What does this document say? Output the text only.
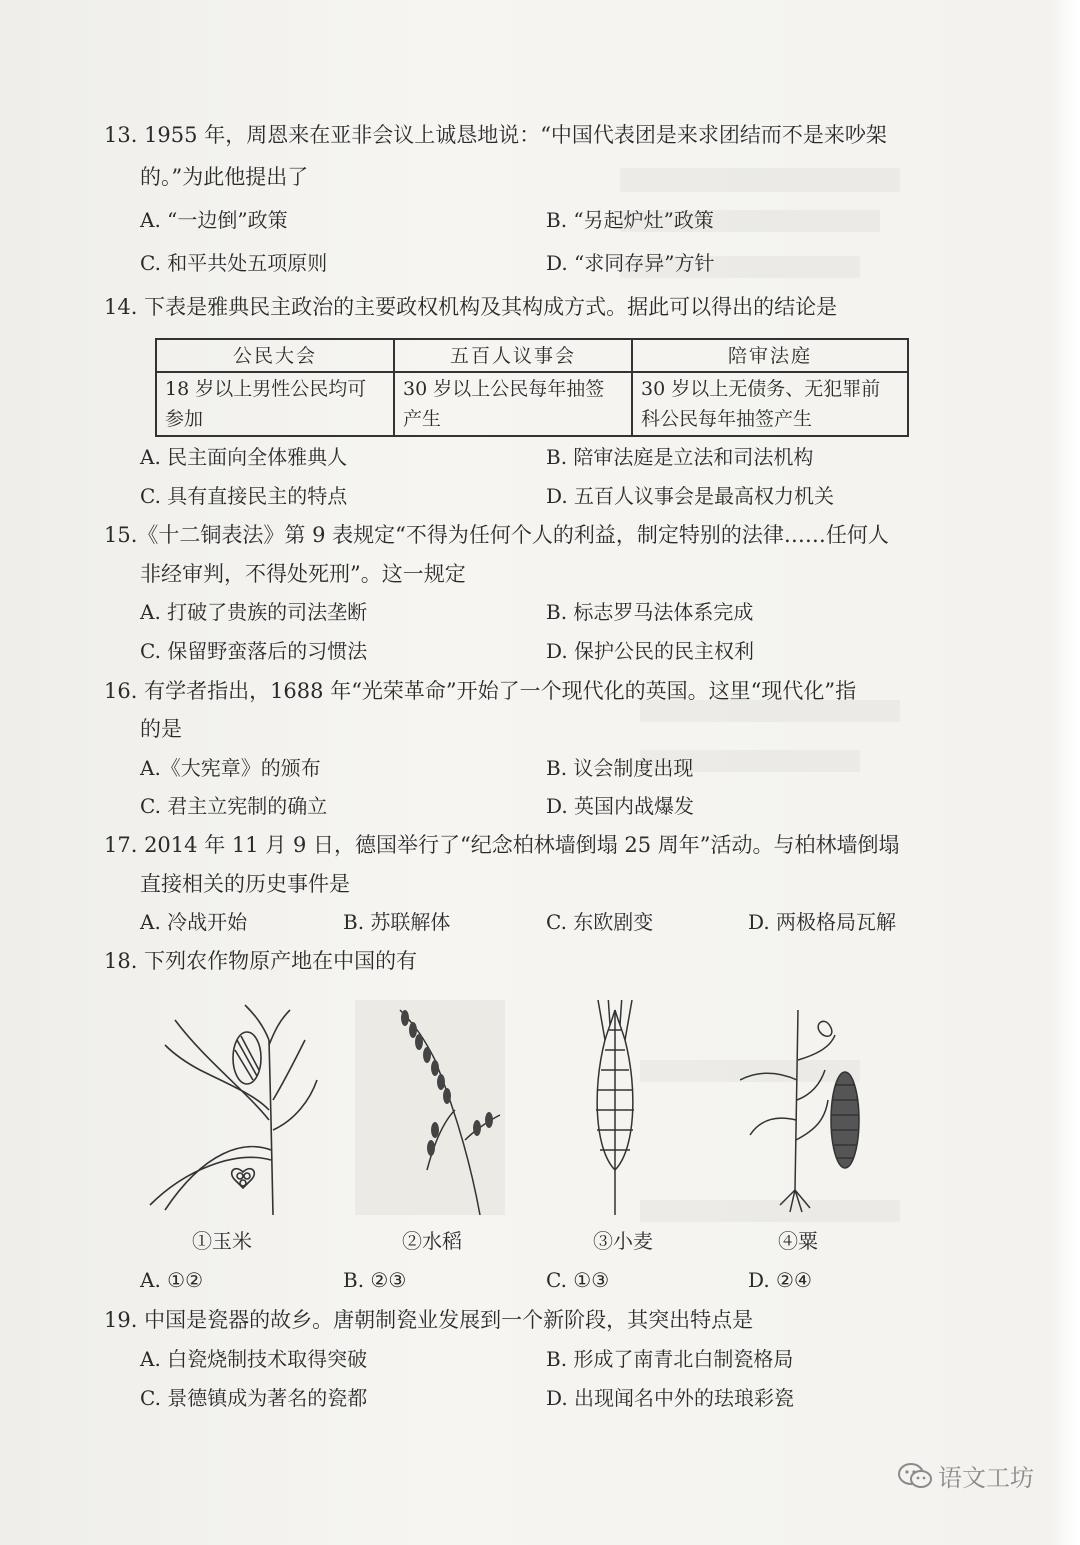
13. 1955 年，周恩来在亚非会议上诚恳地说：“中国代表团是来求团结而不是来吵架
的。”为此他提出了
A. “一边倒”政策	B. “另起炉灶”政策
C. 和平共处五项原则	D. “求同存异”方针
14. 下表是雅典民主政治的主要政权机构及其构成方式。据此可以得出的结论是
公民大会	五百人议事会	陪审法庭
18 岁以上男性公民均可参加	30 岁以上公民每年抽签产生	30 岁以上无债务、无犯罪前科公民每年抽签产生
A. 民主面向全体雅典人	B. 陪审法庭是立法和司法机构
C. 具有直接民主的特点	D. 五百人议事会是最高权力机关
15.《十二铜表法》第 9 表规定“不得为任何个人的利益，制定特别的法律……任何人
非经审判，不得处死刑”。这一规定
A. 打破了贵族的司法垄断	B. 标志罗马法体系完成
C. 保留野蛮落后的习惯法	D. 保护公民的民主权利
16. 有学者指出，1688 年“光荣革命”开始了一个现代化的英国。这里“现代化”指
的是
A.《大宪章》的颁布	B. 议会制度出现
C. 君主立宪制的确立	D. 英国内战爆发
17. 2014 年 11 月 9 日，德国举行了“纪念柏林墙倒塌 25 周年”活动。与柏林墙倒塌
直接相关的历史事件是
A. 冷战开始	B. 苏联解体	C. 东欧剧变	D. 两极格局瓦解
18. 下列农作物原产地在中国的有
①玉米	②水稻	③小麦	④粟
A. ①②	B. ②③	C. ①③	D. ②④
19. 中国是瓷器的故乡。唐朝制瓷业发展到一个新阶段，其突出特点是
A. 白瓷烧制技术取得突破	B. 形成了南青北白制瓷格局
C. 景德镇成为著名的瓷都	D. 出现闻名中外的珐琅彩瓷
语文工坊
